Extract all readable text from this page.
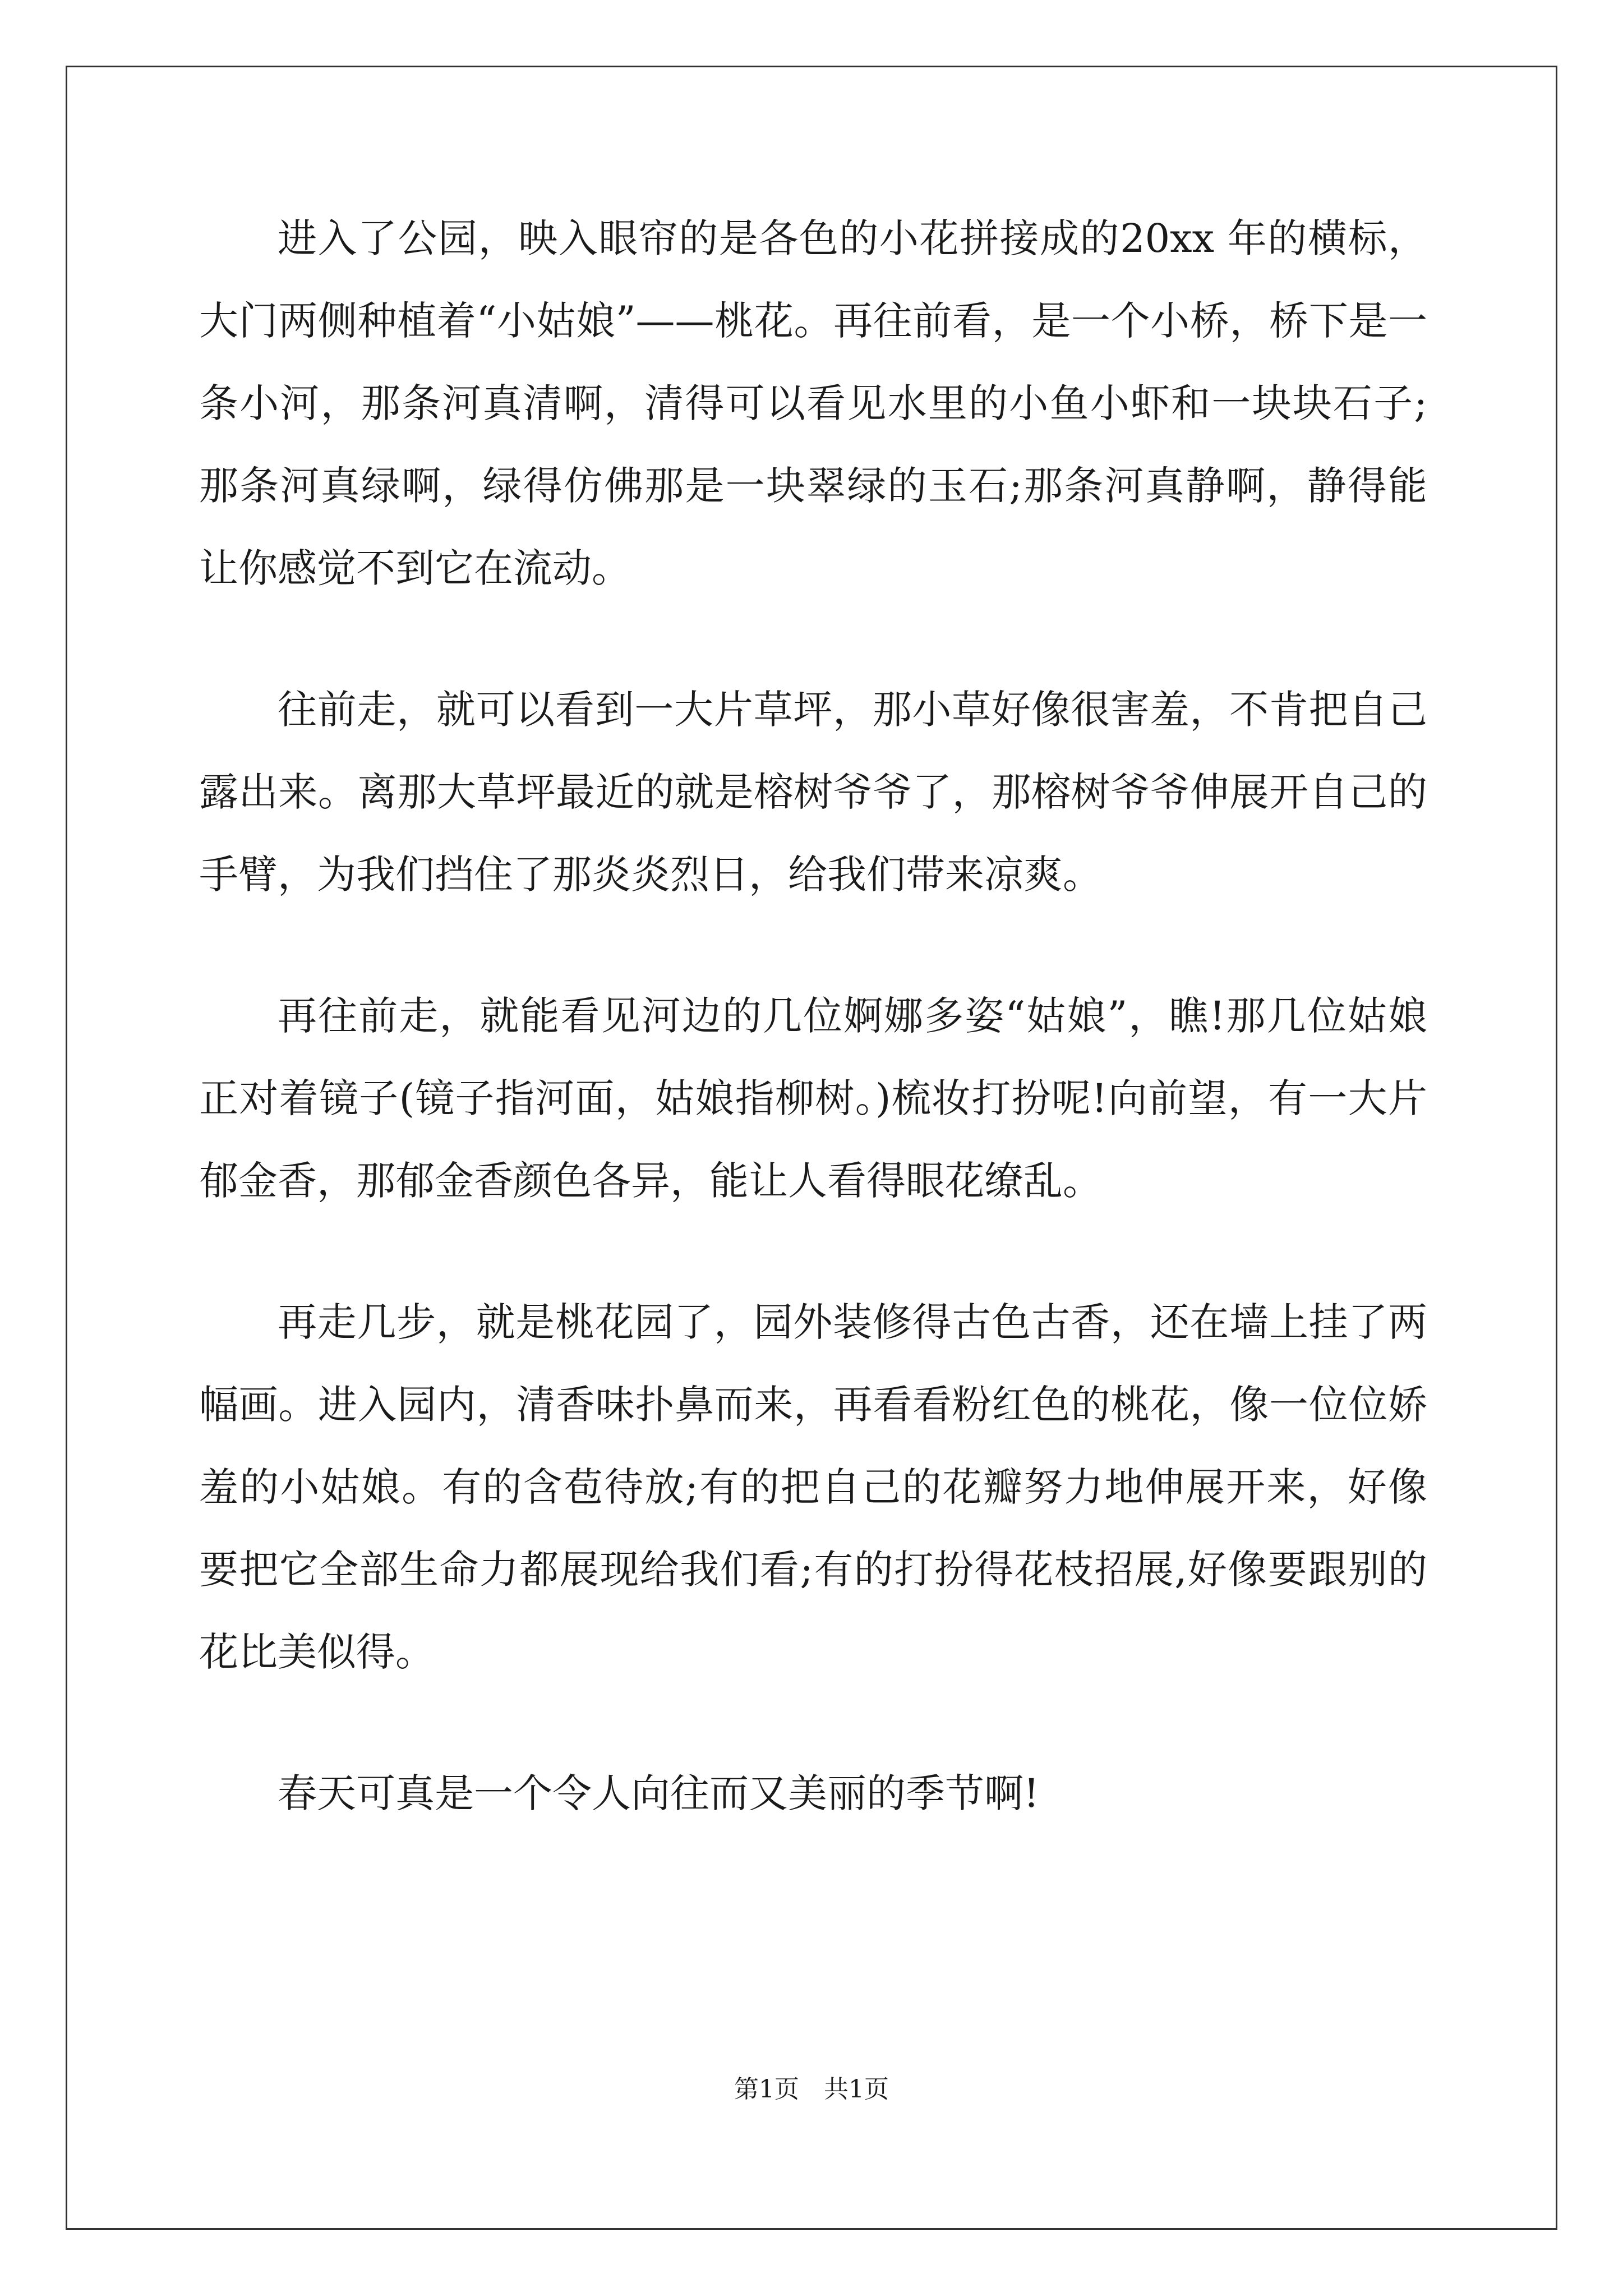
进入了公园，映入眼帘的是各色的小花拼接成的20xx 年的横标，大门两侧种植着“小姑娘”——桃花。再往前看，是一个小桥，桥下是一条小河，那条河真清啊，清得可以看见水里的小鱼小虾和一块块石子;那条河真绿啊，绿得仿佛那是一块翠绿的玉石;那条河真静啊，静得能让你感觉不到它在流动。

往前走，就可以看到一大片草坪，那小草好像很害羞，不肯把自己露出来。离那大草坪最近的就是榕树爷爷了，那榕树爷爷伸展开自己的手臂，为我们挡住了那炎炎烈日，给我们带来凉爽。

再往前走，就能看见河边的几位婀娜多姿“姑娘”，瞧!那几位姑娘正对着镜子(镜子指河面，姑娘指柳树。)梳妆打扮呢!向前望，有一大片郁金香，那郁金香颜色各异，能让人看得眼花缭乱。

再走几步，就是桃花园了，园外装修得古色古香，还在墙上挂了两幅画。进入园内，清香味扑鼻而来，再看看粉红色的桃花，像一位位娇羞的小姑娘。有的含苞待放;有的把自己的花瓣努力地伸展开来，好像要把它全部生命力都展现给我们看;有的打扮得花枝招展,好像要跟别的花比美似得。

春天可真是一个令人向往而又美丽的季节啊!

第1页　共1页
